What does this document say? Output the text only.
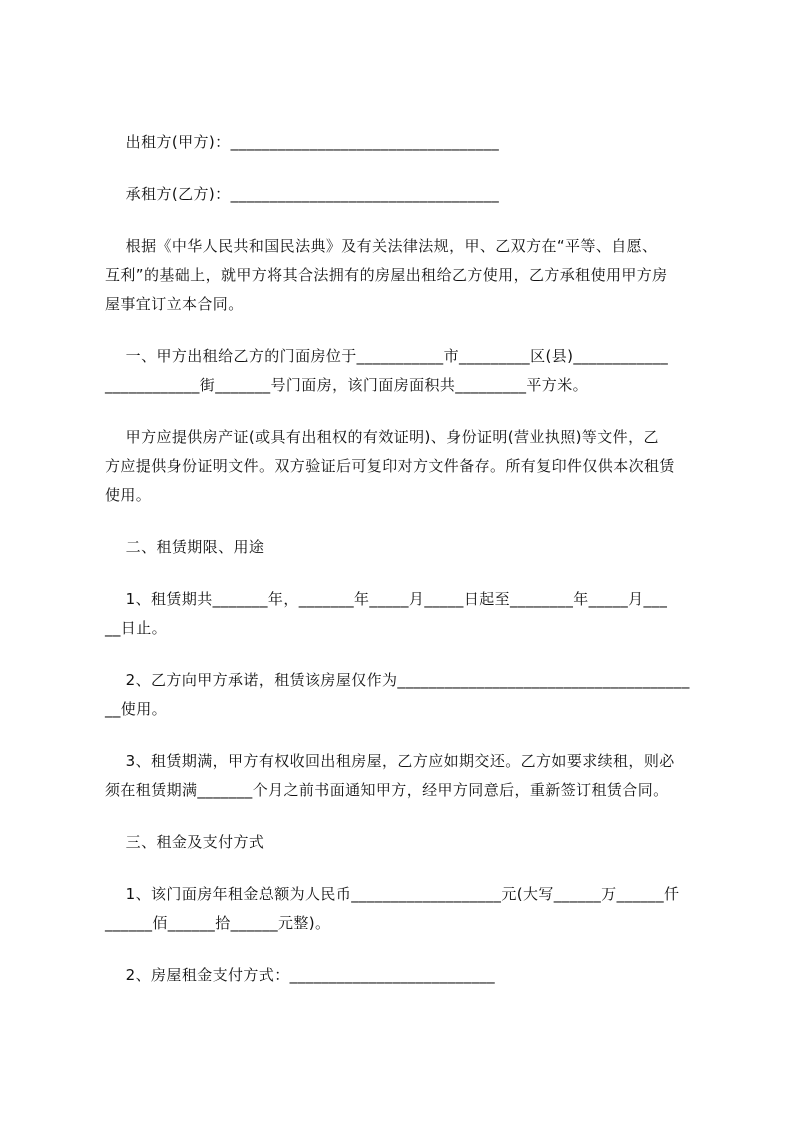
出租方(甲方)：__________________________________
承租方(乙方)：__________________________________
根据《中华人民共和国民法典》及有关法律法规，甲、乙双方在“平等、自愿、
互利”的基础上，就甲方将其合法拥有的房屋出租给乙方使用，乙方承租使用甲方房
屋事宜订立本合同。
一、甲方出租给乙方的门面房位于___________市_________区(县)____________
____________街_______号门面房，该门面房面积共_________平方米。
甲方应提供房产证(或具有出租权的有效证明)、身份证明(营业执照)等文件，乙
方应提供身份证明文件。双方验证后可复印对方文件备存。所有复印件仅供本次租赁
使用。
二、租赁期限、用途
1、租赁期共_______年，_______年_____月_____日起至________年_____月___
__日止。
2、乙方向甲方承诺，租赁该房屋仅作为_____________________________________
__使用。
3、租赁期满，甲方有权收回出租房屋，乙方应如期交还。乙方如要求续租，则必
须在租赁期满_______个月之前书面通知甲方，经甲方同意后，重新签订租赁合同。
三、租金及支付方式
1、该门面房年租金总额为人民币___________________元(大写______万______仟
______佰______拾______元整)。
2、房屋租金支付方式：__________________________
